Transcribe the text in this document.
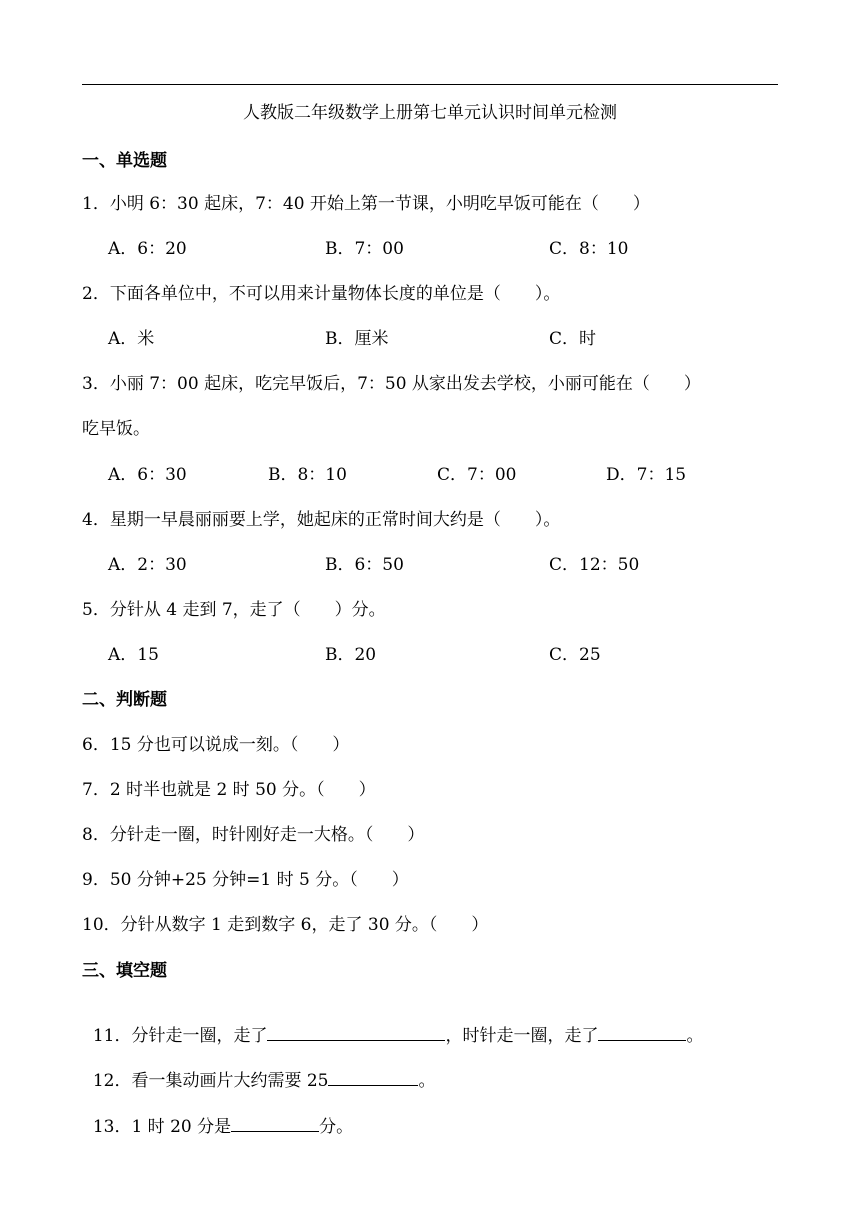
人教版二年级数学上册第七单元认识时间单元检测
一、单选题
1．小明 6：30 起床，7：40 开始上第一节课，小明吃早饭可能在（　　）
A．6：20	B．7：00	C．8：10
2．下面各单位中，不可以用来计量物体长度的单位是（　　）。
A．米	B．厘米	C．时
3．小丽 7：00 起床，吃完早饭后，7：50 从家出发去学校，小丽可能在（　　）
吃早饭。
A．6：30	B．8：10	C．7：00	D．7：15
4．星期一早晨丽丽要上学，她起床的正常时间大约是（　　）。
A．2：30	B．6：50	C．12：50
5．分针从 4 走到 7，走了（　　）分。
A．15	B．20	C．25
二、判断题
6．15 分也可以说成一刻。（　　）
7．2 时半也就是 2 时 50 分。（　　）
8．分针走一圈，时针刚好走一大格。（　　）
9．50 分钟+25 分钟=1 时 5 分。（　　）
10．分针从数字 1 走到数字 6，走了 30 分。（　　）
三、填空题

11．分针走一圈，走了	，时针走一圈，走了	。

12．看一集动画片大约需要 25	。

13．1 时 20 分是	分。
